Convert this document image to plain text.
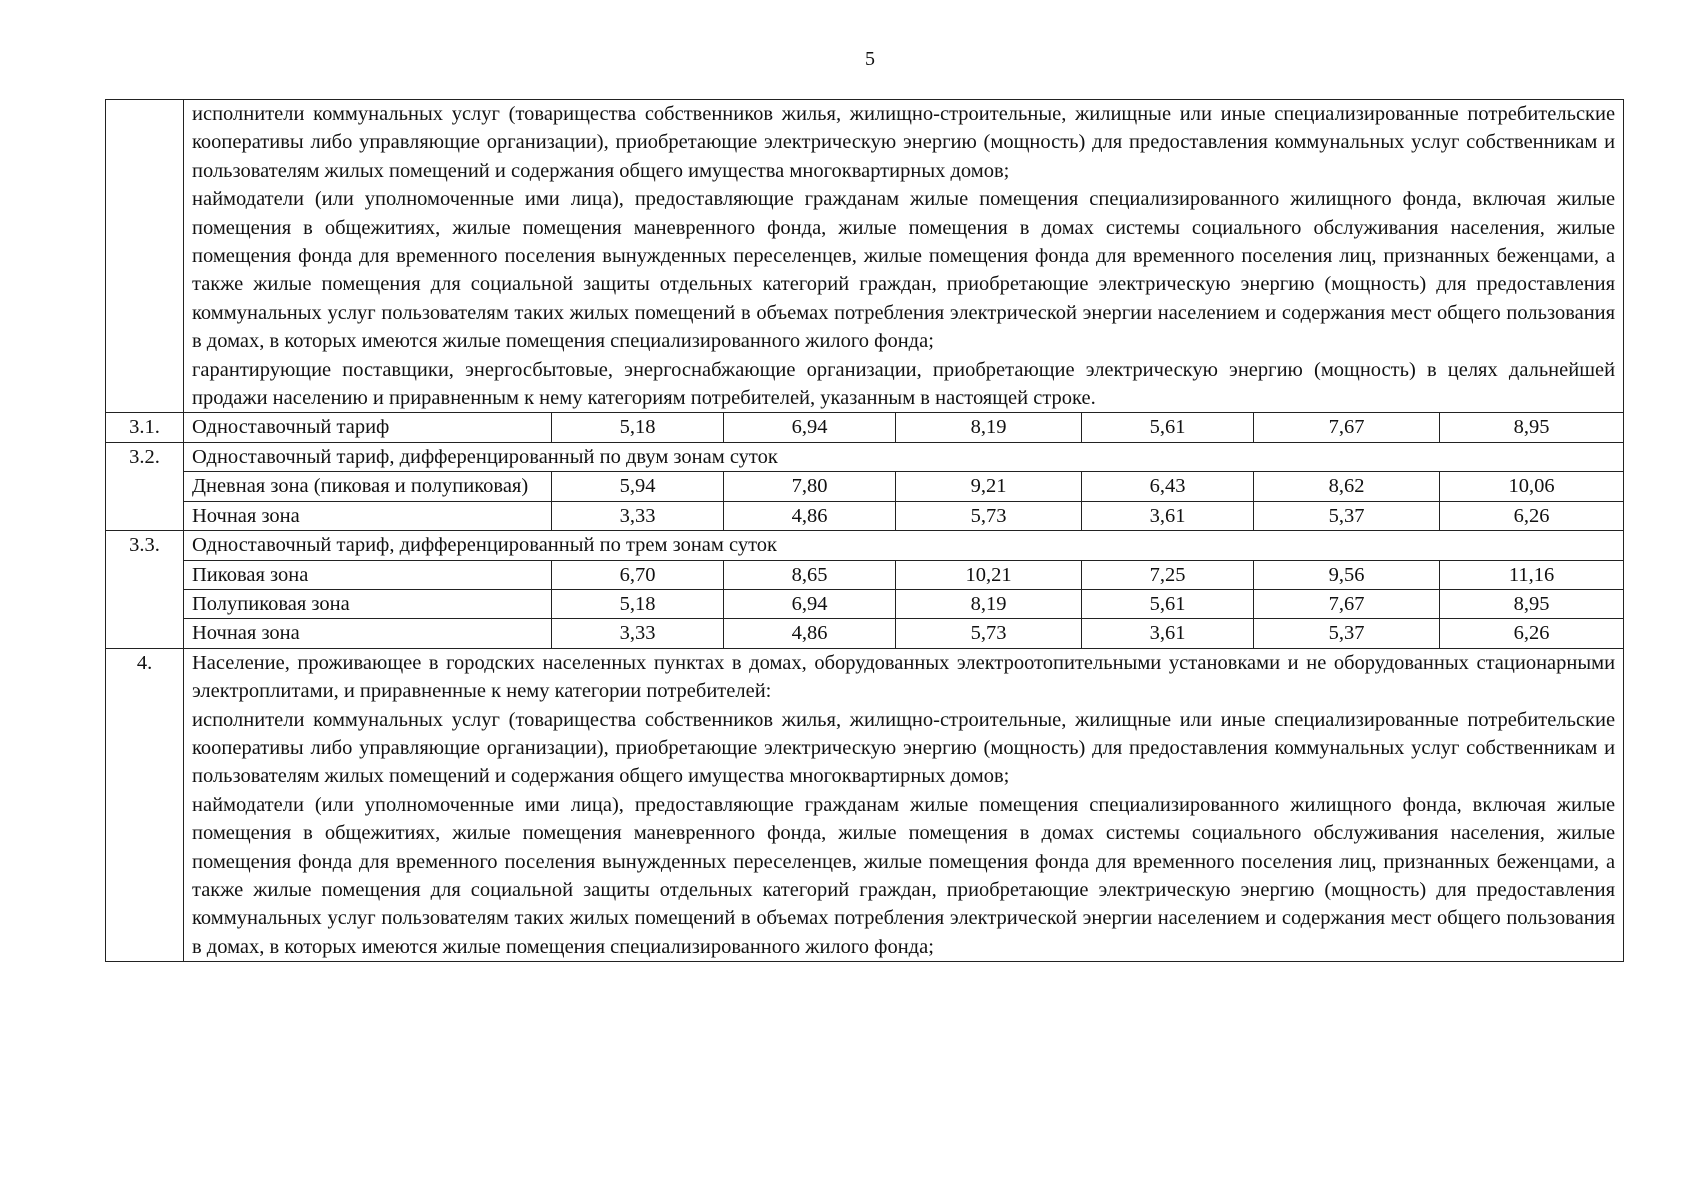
5

	исполнители коммунальных услуг (товарищества собственников жилья, жилищно-строительные, жилищные или иные специализированные потребительские кооперативы либо управляющие организации), приобретающие электрическую энергию (мощность) для предоставления коммунальных услуг собственникам и пользователям жилых помещений и содержания общего имущества многоквартирных домов;

наймодатели (или уполномоченные ими лица), предоставляющие гражданам жилые помещения специализированного жилищного фонда, включая жилые помещения в общежитиях, жилые помещения маневренного фонда, жилые помещения в домах системы социального обслуживания населения, жилые помещения фонда для временного поселения вынужденных переселенцев, жилые помещения фонда для временного поселения лиц, признанных беженцами, а также жилые помещения для социальной защиты отдельных категорий граждан, приобретающие электрическую энергию (мощность) для предоставления коммунальных услуг пользователям таких жилых помещений в объемах потребления электрической энергии населением и содержания мест общего пользования в домах, в которых имеются жилые помещения специализированного жилого фонда;

гарантирующие поставщики, энергосбытовые, энергоснабжающие организации, приобретающие электрическую энергию (мощность) в целях дальнейшей продажи населению и приравненным к нему категориям потребителей, указанным в настоящей строке.						

3.1.	Одноставочный тариф	5,18	6,94	8,19	5,61	7,67	8,95
3.2.	Одноставочный тариф, дифференцированный по двум зонам суток						
	Дневная зона (пиковая и полупиковая)	5,94	7,80	9,21	6,43	8,62	10,06
	Ночная зона	3,33	4,86	5,73	3,61	5,37	6,26
3.3.	Одноставочный тариф, дифференцированный по трем зонам суток						
	Пиковая зона	6,70	8,65	10,21	7,25	9,56	11,16
	Полупиковая зона	5,18	6,94	8,19	5,61	7,67	8,95
	Ночная зона	3,33	4,86	5,73	3,61	5,37	6,26
4.	Население, проживающее в городских населенных пунктах в домах, оборудованных электроотопительными установками и не оборудованных стационарными электроплитами, и приравненные к нему категории потребителей:

исполнители коммунальных услуг (товарищества собственников жилья, жилищно-строительные, жилищные или иные специализированные потребительские кооперативы либо управляющие организации), приобретающие электрическую энергию (мощность) для предоставления коммунальных услуг собственникам и пользователям жилых помещений и содержания общего имущества многоквартирных домов;

наймодатели (или уполномоченные ими лица), предоставляющие гражданам жилые помещения специализированного жилищного фонда, включая жилые помещения в общежитиях, жилые помещения маневренного фонда, жилые помещения в домах системы социального обслуживания населения, жилые помещения фонда для временного поселения вынужденных переселенцев, жилые помещения фонда для временного поселения лиц, признанных беженцами, а также жилые помещения для социальной защиты отдельных категорий граждан, приобретающие электрическую энергию (мощность) для предоставления коммунальных услуг пользователям таких жилых помещений в объемах потребления электрической энергии населением и содержания мест общего пользования в домах, в которых имеются жилые помещения специализированного жилого фонда;						
